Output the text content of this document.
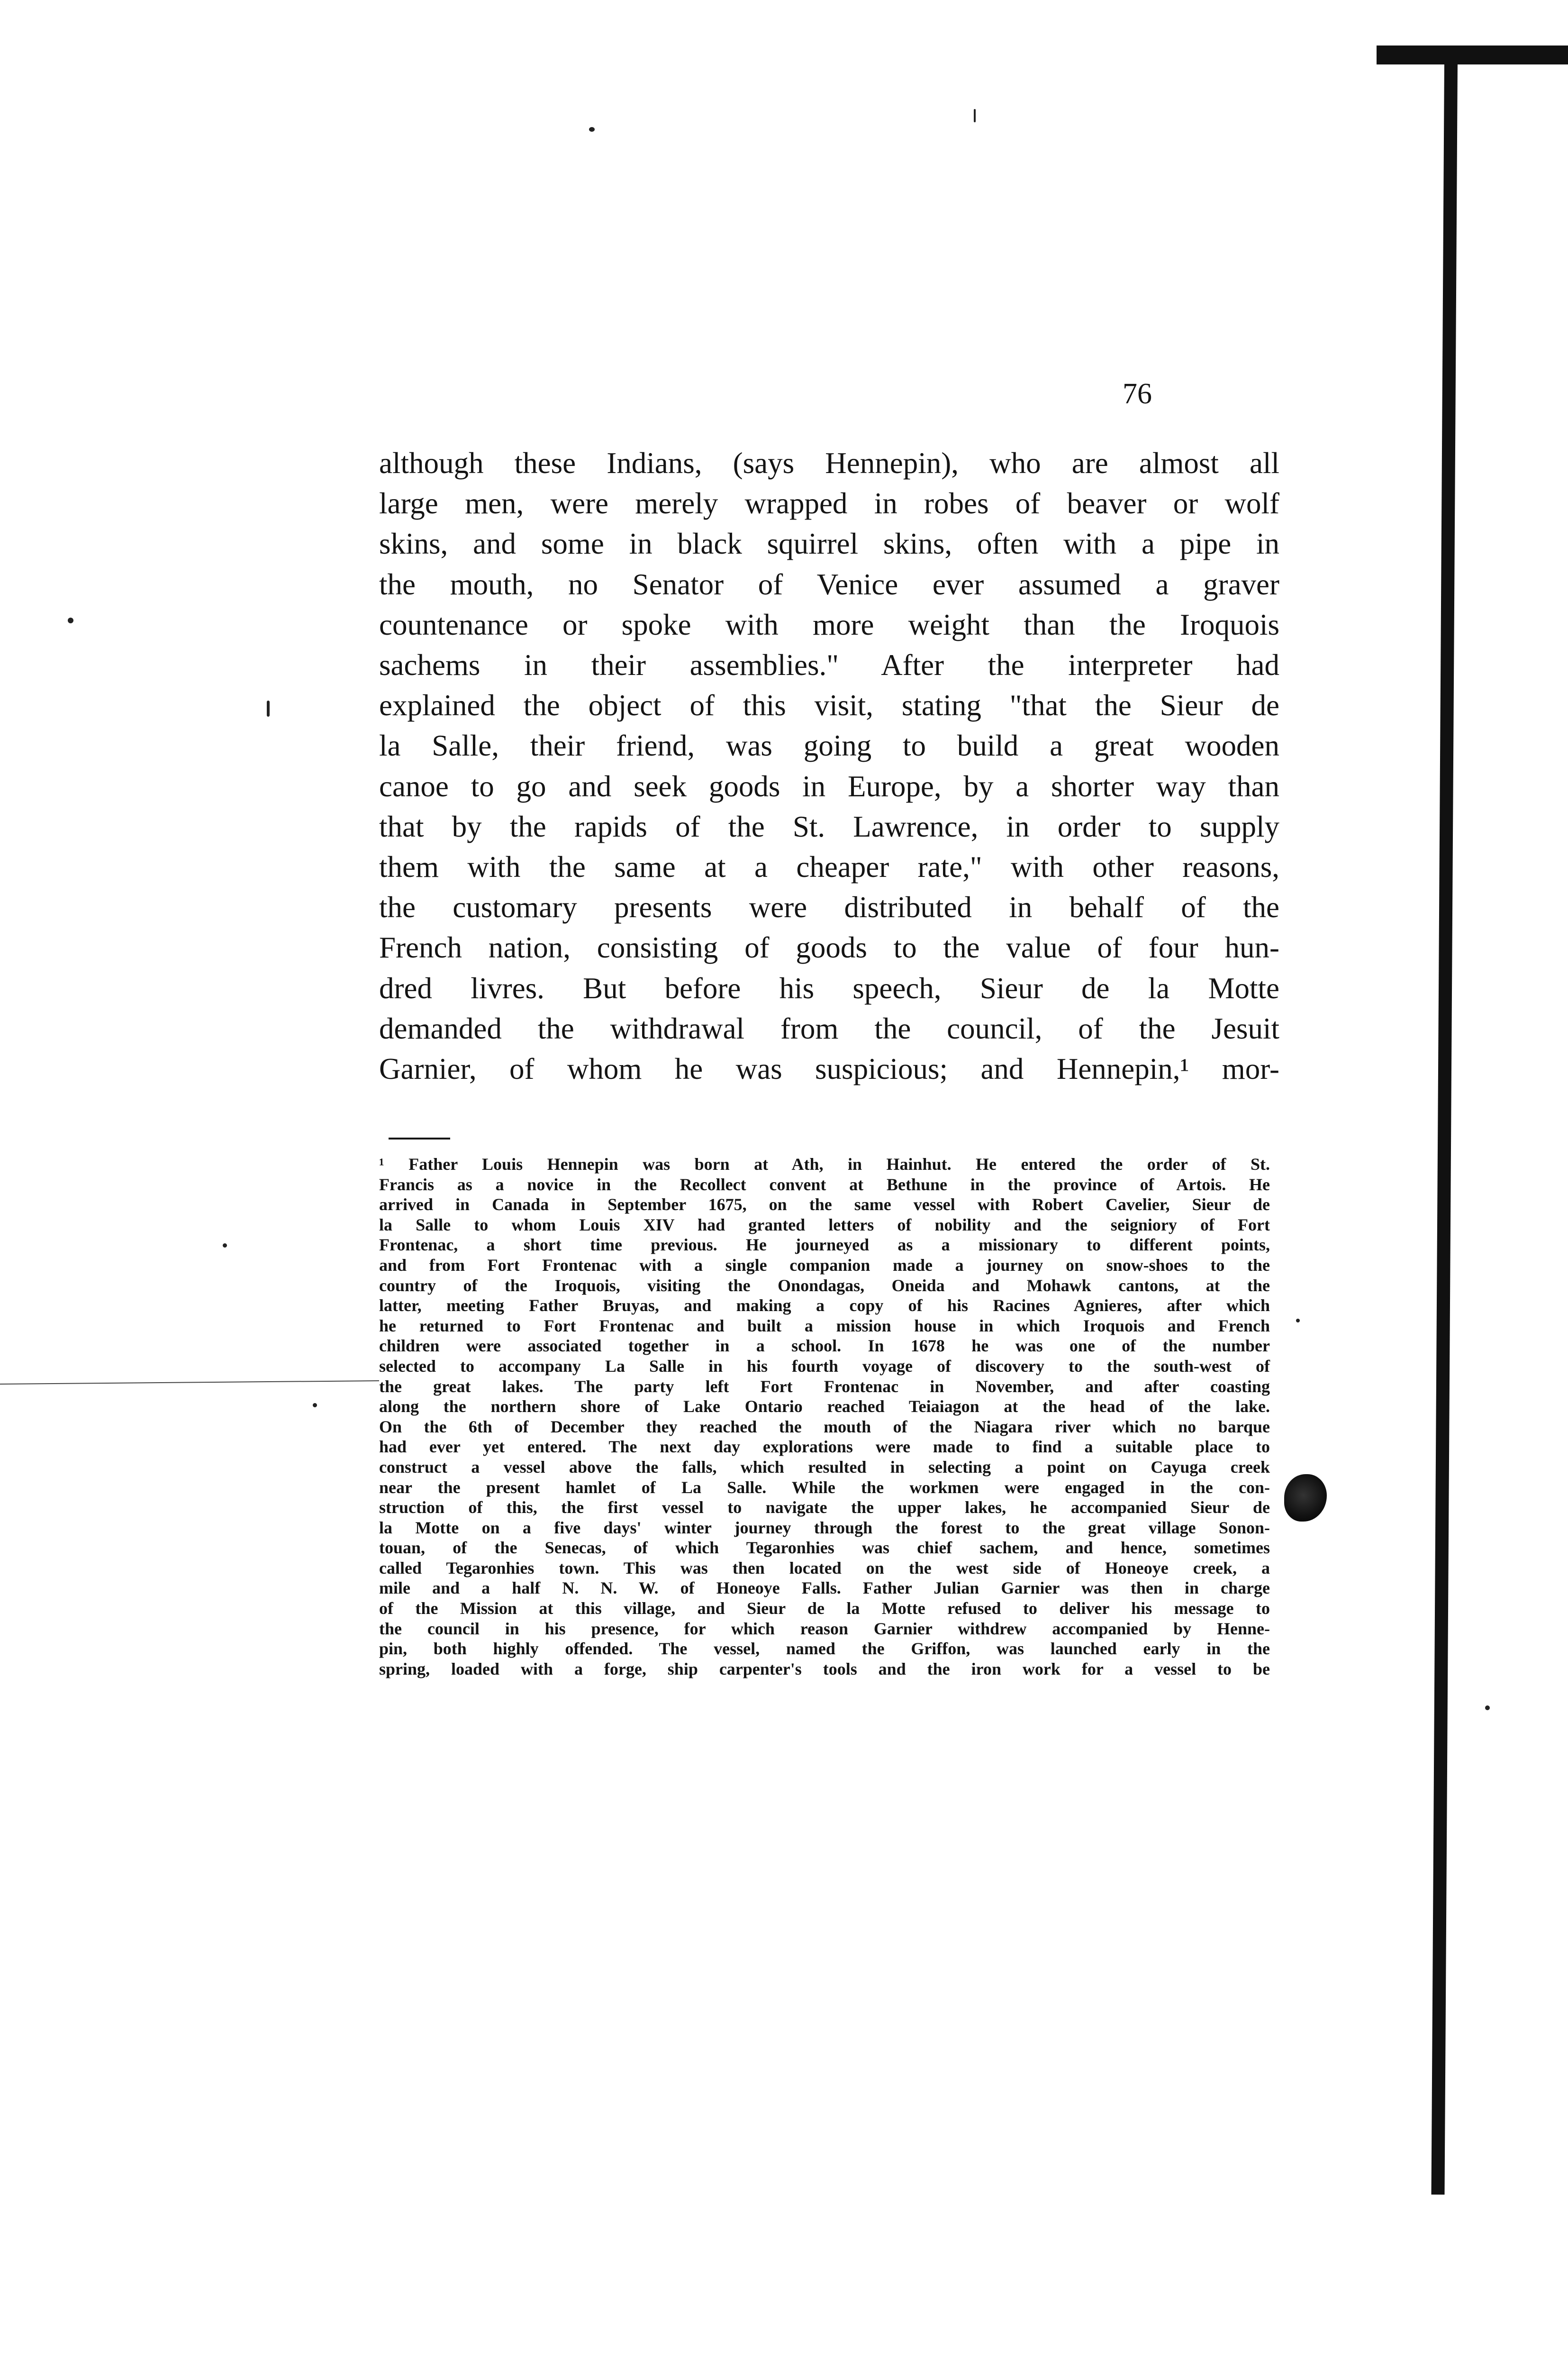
76
although these Indians, (says Hennepin), who are almost all
large men, were merely wrapped in robes of beaver or wolf
skins, and some in black squirrel skins, often with a pipe in
the mouth, no Senator of Venice ever assumed a graver
countenance or spoke with more weight than the Iroquois
sachems in their assemblies." After the interpreter had
explained the object of this visit, stating "that the Sieur de
la Salle, their friend, was going to build a great wooden
canoe to go and seek goods in Europe, by a shorter way than
that by the rapids of the St. Lawrence, in order to supply
them with the same at a cheaper rate," with other reasons,
the customary presents were distributed in behalf of the
French nation, consisting of goods to the value of four hun-
dred livres. But before his speech, Sieur de la Motte
demanded the withdrawal from the council, of the Jesuit
Garnier, of whom he was suspicious; and Hennepin,¹ mor-
¹ Father Louis Hennepin was born at Ath, in Hainhut. He entered the order of St.
Francis as a novice in the Recollect convent at Bethune in the province of Artois. He
arrived in Canada in September 1675, on the same vessel with Robert Cavelier, Sieur de
la Salle to whom Louis XIV had granted letters of nobility and the seigniory of Fort
Frontenac, a short time previous. He journeyed as a missionary to different points,
and from Fort Frontenac with a single companion made a journey on snow-shoes to the
country of the Iroquois, visiting the Onondagas, Oneida and Mohawk cantons, at the
latter, meeting Father Bruyas, and making a copy of his Racines Agnieres, after which
he returned to Fort Frontenac and built a mission house in which Iroquois and French
children were associated together in a school. In 1678 he was one of the number
selected to accompany La Salle in his fourth voyage of discovery to the south-west of
the great lakes. The party left Fort Frontenac in November, and after coasting
along the northern shore of Lake Ontario reached Teiaiagon at the head of the lake.
On the 6th of December they reached the mouth of the Niagara river which no barque
had ever yet entered. The next day explorations were made to find a suitable place to
construct a vessel above the falls, which resulted in selecting a point on Cayuga creek
near the present hamlet of La Salle. While the workmen were engaged in the con-
struction of this, the first vessel to navigate the upper lakes, he accompanied Sieur de
la Motte on a five days' winter journey through the forest to the great village Sonon-
touan, of the Senecas, of which Tegaronhies was chief sachem, and hence, sometimes
called Tegaronhies town. This was then located on the west side of Honeoye creek, a
mile and a half N. N. W. of Honeoye Falls. Father Julian Garnier was then in charge
of the Mission at this village, and Sieur de la Motte refused to deliver his message to
the council in his presence, for which reason Garnier withdrew accompanied by Henne-
pin, both highly offended. The vessel, named the Griffon, was launched early in the
spring, loaded with a forge, ship carpenter's tools and the iron work for a vessel to be
